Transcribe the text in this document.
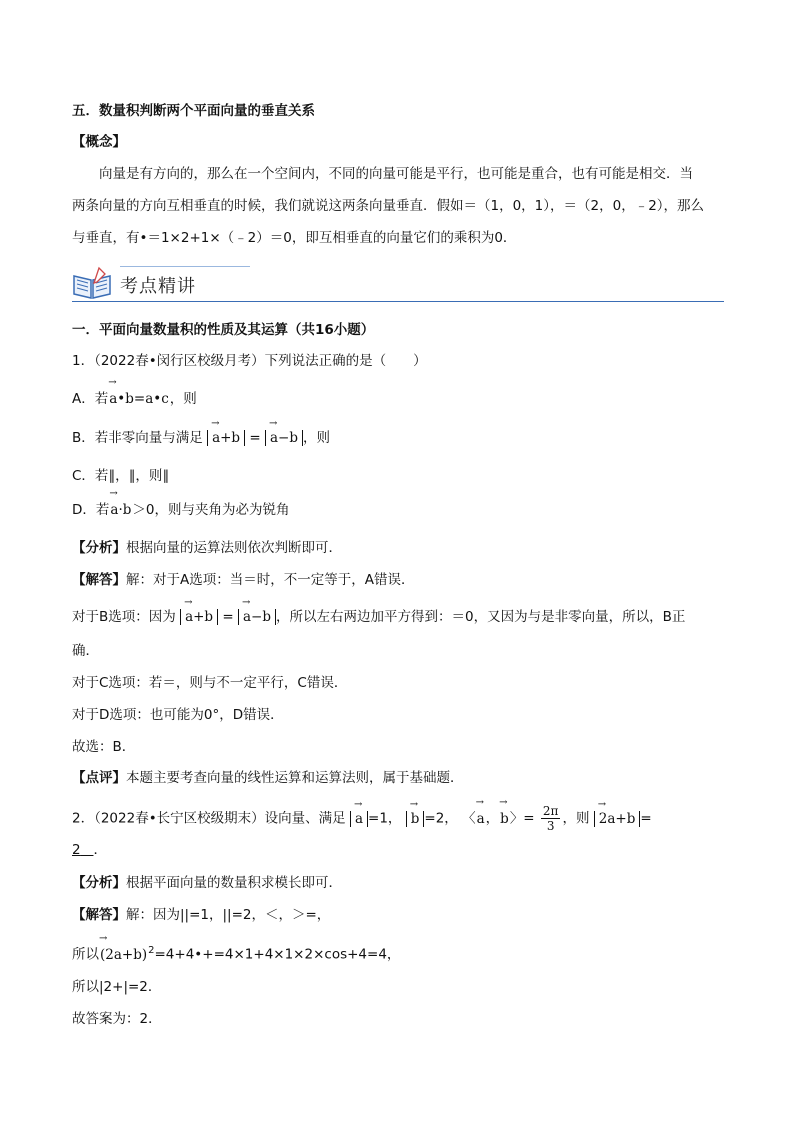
五．数量积判断两个平面向量的垂直关系
【概念】
向量是有方向的，那么在一个空间内，不同的向量可能是平行，也可能是重合，也有可能是相交．当
两条向量的方向互相垂直的时候，我们就说这两条向量垂直．假如＝（1，0，1），＝（2，0，﹣2），那么
与垂直，有•＝1×2+1×（﹣2）＝0，即互相垂直的向量它们的乘积为0．
考点精讲
一．平面向量数量积的性质及其运算（共16小题）
1．（2022春•闵行区校级月考）下列说法正确的是（　　）
A．若→ a•b=a•c，则
B．若非零向量与满足 → a+b = → a−b ，则
C．若∥，∥，则∥
D．若→ a·b＞0，则与夹角为必为锐角
【分析】根据向量的运算法则依次判断即可．
【解答】解：对于A选项：当＝时，不一定等于，A错误．
对于B选项：因为 → a+b = → a−b ，所以左右两边加平方得到：＝0，又因为与是非零向量，所以，B正
确．
对于C选项：若＝，则与不一定平行，C错误．
对于D选项：也可能为0°，D错误．
故选：B．
【点评】本题主要考查向量的线性运算和运算法则，属于基础题．
2．（2022春•长宁区校级期末）设向量、满足 → a =1， → b =2， 〈→ a，→ b〉= $\frac{2\pi}{3}$ ，则 → 2a+b =
2 ．
【分析】根据平面向量的数量积求模长即可．
【解答】解：因为||=1，||=2，＜，＞=，
所以→ $(2a+b)^2=4+4•+=4\times 1+4\times 1\times 2\times\cos+4=4$，
所以|2+|=2．
故答案为：2．
